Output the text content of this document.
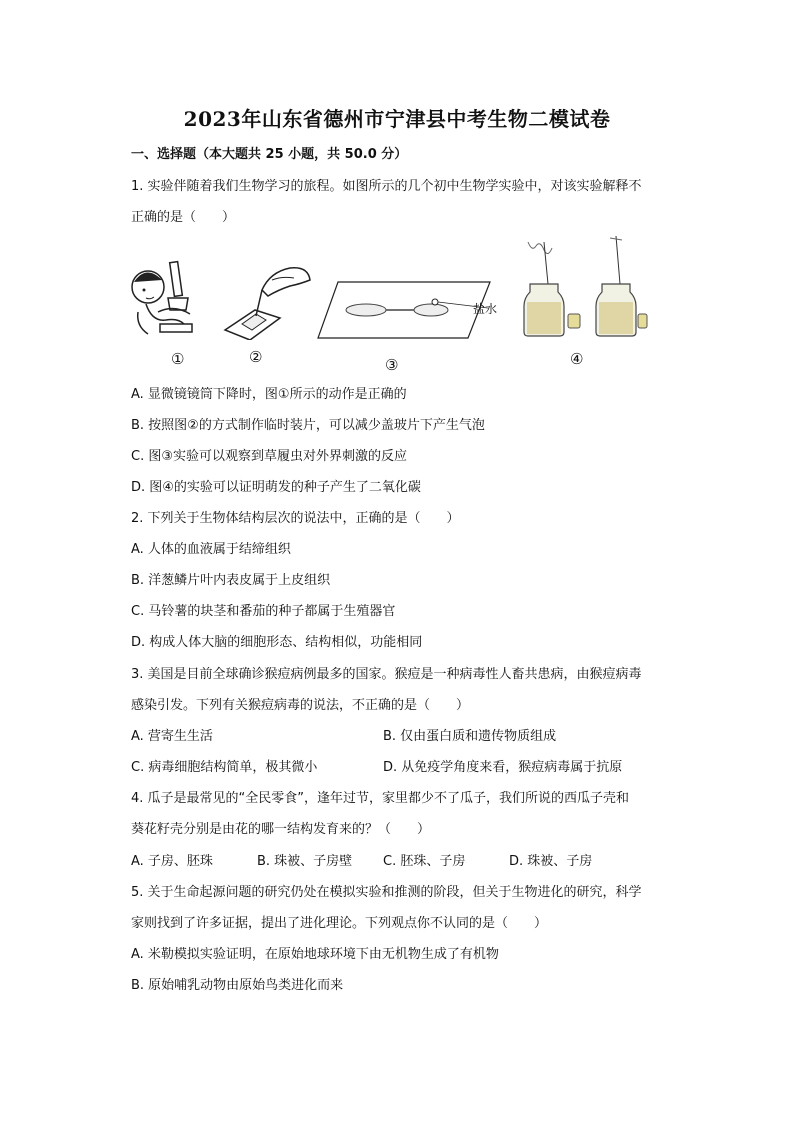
2023年山东省德州市宁津县中考生物二模试卷
一、选择题（本大题共 25 小题，共 50.0 分）
1. 实验伴随着我们生物学习的旅程。如图所示的几个初中生物学实验中，对该实验解释不
正确的是（　　）
盐水
①	②	③	④
A. 显微镜镜筒下降时，图①所示的动作是正确的
B. 按照图②的方式制作临时装片，可以减少盖玻片下产生气泡
C. 图③实验可以观察到草履虫对外界刺激的反应
D. 图④的实验可以证明萌发的种子产生了二氧化碳
2. 下列关于生物体结构层次的说法中，正确的是（　　）
A. 人体的血液属于结缔组织
B. 洋葱鳞片叶内表皮属于上皮组织
C. 马铃薯的块茎和番茄的种子都属于生殖器官
D. 构成人体大脑的细胞形态、结构相似，功能相同
3. 美国是目前全球确诊猴痘病例最多的国家。猴痘是一种病毒性人畜共患病，由猴痘病毒
感染引发。下列有关猴痘病毒的说法，不正确的是（　　）
A. 营寄生生活	B. 仅由蛋白质和遗传物质组成
C. 病毒细胞结构简单，极其微小	D. 从免疫学角度来看，猴痘病毒属于抗原
4. 瓜子是最常见的“全民零食”，逢年过节，家里都少不了瓜子，我们所说的西瓜子壳和
葵花籽壳分别是由花的哪一结构发育来的？（　　）
A. 子房、胚珠	B. 珠被、子房壁 C. 胚珠、子房	D. 珠被、子房
5. 关于生命起源问题的研究仍处在模拟实验和推测的阶段，但关于生物进化的研究，科学
家则找到了许多证据，提出了进化理论。下列观点你不认同的是（　　）
A. 米勒模拟实验证明，在原始地球环境下由无机物生成了有机物
B. 原始哺乳动物由原始鸟类进化而来
